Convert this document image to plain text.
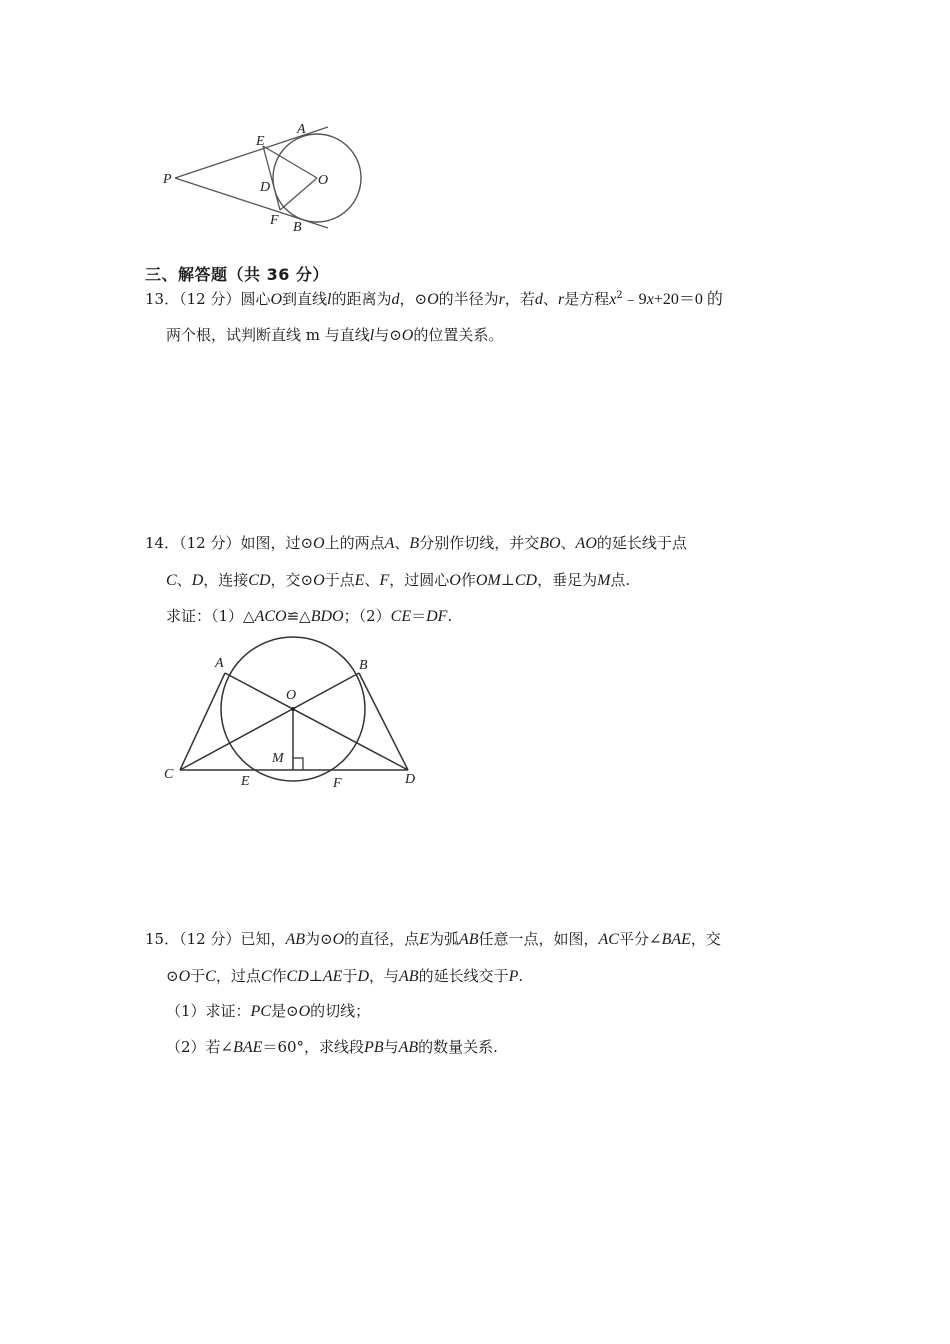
P
E
A
D	O
F B
三、解答题（共 36 分）
13．（12 分）圆心O到直线l的距离为d，⊙O的半径为r，若d、r是方程$x^2﹣9x+20=0$ 的
两个根，试判断直线 m 与直线l与⊙O的位置关系。
14．（12 分）如图，过⊙O上的两点A、B分别作切线，并交BO、AO的延长线于点
C、D，连接CD，交⊙O于点E、F，过圆心O作OM⊥CD，垂足为M点.
求证：（1）△ACO≌△BDO；（2）CE＝DF.
A	B
O
M
C	E	F	D
15．（12 分）已知，AB为⊙O的直径，点E为弧AB任意一点，如图，AC平分∠BAE，交
⊙O于C，过点C作CD⊥AE于D，与AB的延长线交于P.
（1）求证：PC是⊙O的切线；
（2）若∠BAE＝60°，求线段PB与AB的数量关系.
